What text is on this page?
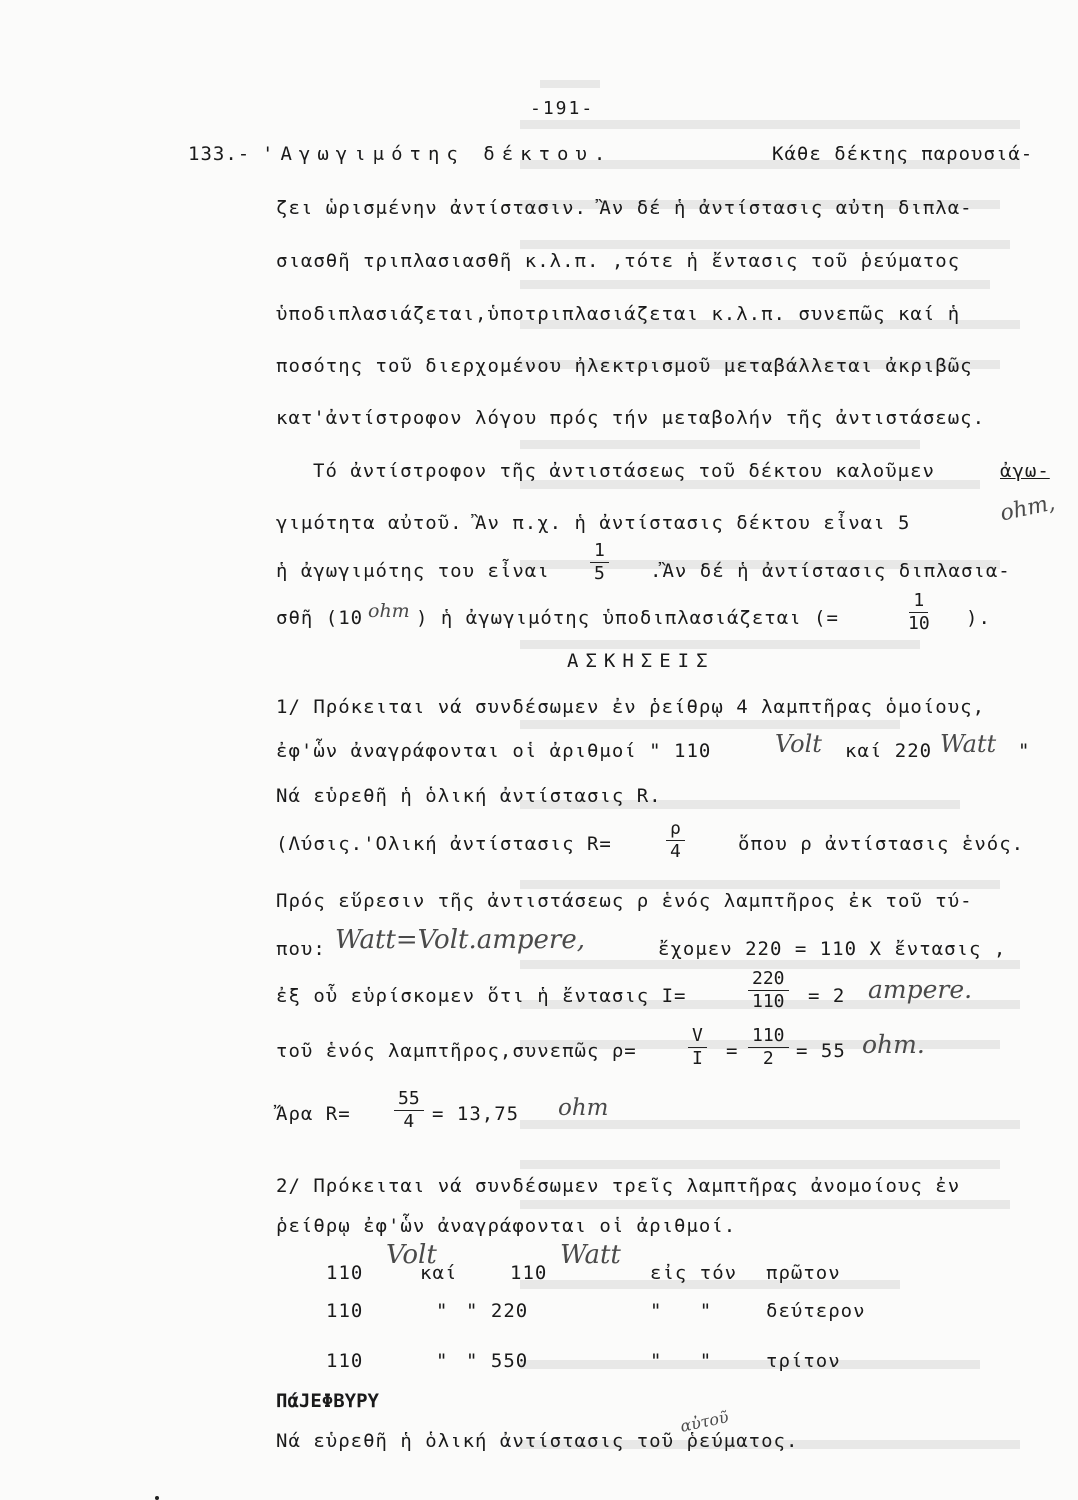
-191-
133.- 'Αγωγιμότης δέκτου.	Κάθε δέκτης παρουσιά-
ζει ὡρισμένην ἀντίστασιν. Ἂν δέ ἡ ἀντίστασις αὐτη διπλα-
σιασθῆ τριπλασιασθῆ κ.λ.π. ,τότε ἡ ἔντασις τοῦ ῥεύματος
ὑποδιπλασιάζεται,ὑποτριπλασιάζεται κ.λ.π. συνεπῶς καί ἡ
ποσότης τοῦ διερχομένου ἠλεκτρισμοῦ μεταβάλλεται ἀκριβῶς
κατ'ἀντίστροφον λόγου πρός τήν μεταβολήν τῆς ἀντιστάσεως.
Τό ἀντίστροφον τῆς ἀντιστάσεως τοῦ δέκτου καλοῦμεν	ἀγω-
γιμότητα αὐτοῦ. Ἂν π.χ. ἡ ἀντίστασις δέκτου εἶναι 5	ohm,
ἡ ἀγωγιμότης του εἶναι $\frac{1}{5}$ .Ἂν δέ ἡ ἀντίστασις διπλασια-
σθῆ (10 ohm ) ἡ ἀγωγιμότης ὑποδιπλασιάζεται (=	$\frac{1}{10}$ ).
ΑΣΚΗΣΕΙΣ
1/ Πρόκειται νά συνδέσωμεν ἐν ῥείθρῳ 4 λαμπτῆρας ὁμοίους,
ἐφ'ὧν ἀναγράφονται οἱ ἀριθμοί " 110	Volt καί 220 Watt "
Νά εὑρεθῆ ἡ ὁλική ἀντίστασις R.
(Λύσις.'Ολική ἀντίστασις R=	$\frac{\rho}{4}$	ὅπου ρ ἀντίστασις ἑνός.
Πρός εὕρεσιν τῆς ἀντιστάσεως ρ ἑνός λαμπτῆρος ἐκ τοῦ τύ-
που: Watt=Volt.ampere,	ἔχομεν 220 = 110 X ἔντασις ,
ἐξ οὗ εὑρίσκομεν ὅτι ἡ ἔντασις I=	$\frac{220}{110} = 2$ ampere.
τοῦ ἑνός λαμπτῆρος,συνεπῶς ρ=	$\frac{V}{I} = \frac{110}{2} = 55$ ohm.
Ἄρα $R= \frac{55}{4} = 13,75$ ohm
2/ Πρόκειται νά συνδέσωμεν τρεῖς λαμπτῆρας ἀνομοίους ἐν
ῥείθρῳ ἐφ'ὧν ἀναγράφονται οἱ ἀριθμοί.
Volt	Watt
110	καί	110	εἰς τόν πρῶτον
110	" " 220	"   "	δεύτερον
110	" " 550	"   "	τρίτον
ΠάJΕΦΒΥΡΥ
αὐτοῦ
Νά εὑρεθῆ ἡ ὁλική ἀντίστασις τοῦ ῥεύματος.
